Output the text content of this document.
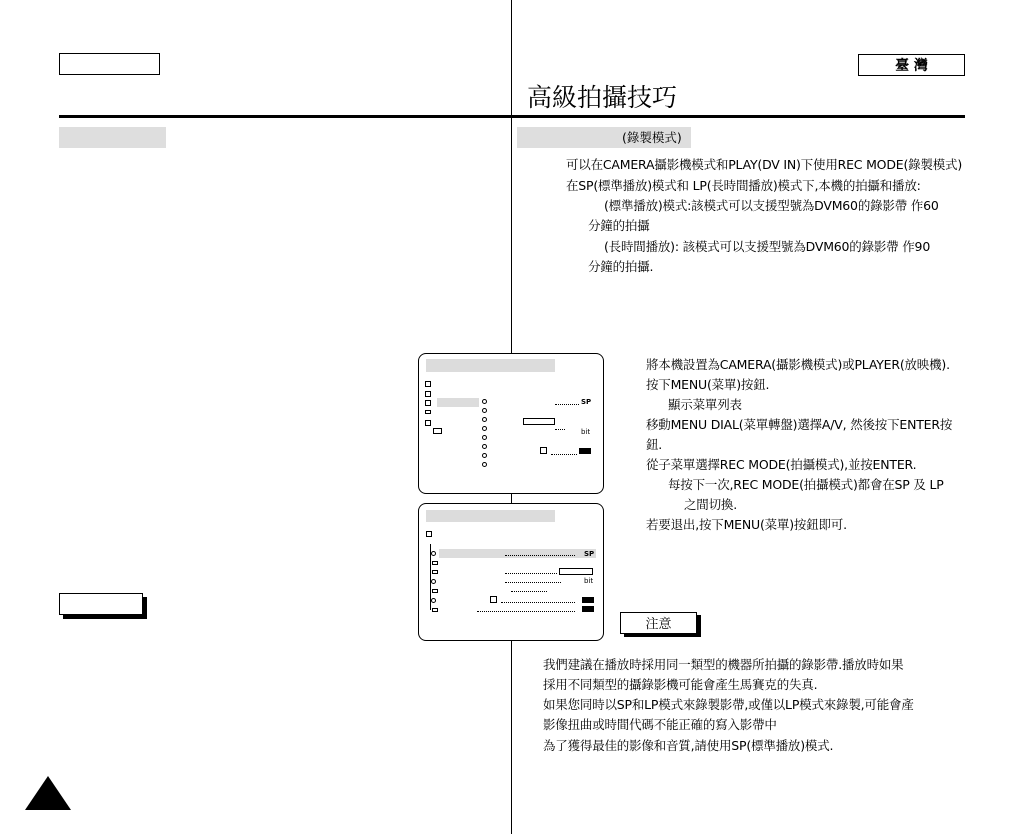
臺 灣
高級拍攝技巧
(錄製模式)
可以在CAMERA攝影機模式和PLAY(DV IN)下使用REC MODE(錄製模式)
在SP(標準播放)模式和 LP(長時間播放)模式下,本機的拍攝和播放:
(標準播放)模式:該模式可以支援型號為DVM60的錄影帶 作60
分鐘的拍攝
(長時間播放): 該模式可以支援型號為DVM60的錄影帶 作90
分鐘的拍攝.
SP
bit
SP
bit
將本機設置為CAMERA(攝影機模式)或PLAYER(放映機).
按下MENU(菜單)按鈕.
顯示菜單列表
移動MENU DIAL(菜單轉盤)選擇A/V, 然後按下ENTER按
鈕.
從子菜單選擇REC MODE(拍攝模式),並按ENTER.
每按下一次,REC MODE(拍攝模式)都會在SP 及 LP
之間切換.
若要退出,按下MENU(菜單)按鈕即可.
注意
我們建議在播放時採用同一類型的機器所拍攝的錄影帶.播放時如果
採用不同類型的攝錄影機可能會產生馬賽克的失真.
如果您同時以SP和LP模式來錄製影帶,或僅以LP模式來錄製,可能會產
影像扭曲或時間代碼不能正確的寫入影帶中
為了獲得最佳的影像和音質,請使用SP(標準播放)模式.
